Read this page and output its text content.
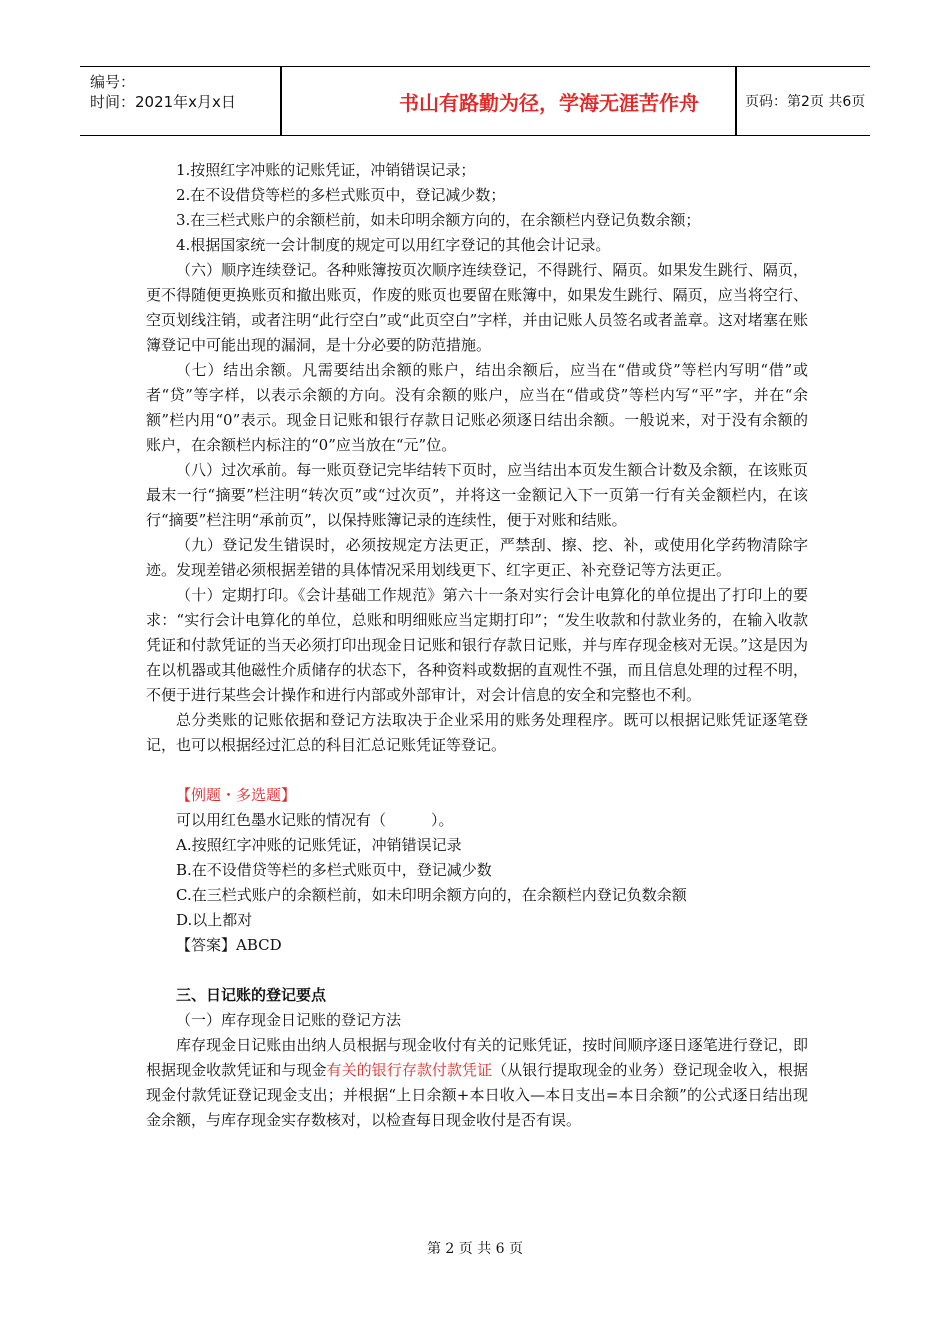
编号：
时间：2021年x月x日	书山有路勤为径，学海无涯苦作舟	页码：第2页 共6页

1.按照红字冲账的记账凭证，冲销错误记录；

2.在不设借贷等栏的多栏式账页中，登记减少数；

3.在三栏式账户的余额栏前，如未印明余额方向的，在余额栏内登记负数余额；

4.根据国家统一会计制度的规定可以用红字登记的其他会计记录。

（六）顺序连续登记。各种账簿按页次顺序连续登记，不得跳行、隔页。如果发生跳行、隔页，更不得随便更换账页和撤出账页，作废的账页也要留在账簿中，如果发生跳行、隔页，应当将空行、空页划线注销，或者注明“此行空白”或“此页空白”字样，并由记账人员签名或者盖章。这对堵塞在账簿登记中可能出现的漏洞，是十分必要的防范措施。

（七）结出余额。凡需要结出余额的账户，结出余额后，应当在“借或贷”等栏内写明“借”或者“贷”等字样，以表示余额的方向。没有余额的账户，应当在“借或贷”等栏内写“平”字，并在“余额”栏内用“0”表示。现金日记账和银行存款日记账必须逐日结出余额。一般说来，对于没有余额的账户，在余额栏内标注的“0”应当放在“元”位。

（八）过次承前。每一账页登记完毕结转下页时，应当结出本页发生额合计数及余额，在该账页最末一行“摘要”栏注明“转次页”或“过次页”，并将这一金额记入下一页第一行有关金额栏内，在该行“摘要”栏注明“承前页”，以保持账簿记录的连续性，便于对账和结账。

（九）登记发生错误时，必须按规定方法更正，严禁刮、擦、挖、补，或使用化学药物清除字迹。发现差错必须根据差错的具体情况采用划线更下、红字更正、补充登记等方法更正。

（十）定期打印。《会计基础工作规范》第六十一条对实行会计电算化的单位提出了打印上的要求：“实行会计电算化的单位，总账和明细账应当定期打印”；“发生收款和付款业务的，在输入收款凭证和付款凭证的当天必须打印出现金日记账和银行存款日记账，并与库存现金核对无误。”这是因为在以机器或其他磁性介质储存的状态下，各种资料或数据的直观性不强，而且信息处理的过程不明，不便于进行某些会计操作和进行内部或外部审计，对会计信息的安全和完整也不利。

总分类账的记账依据和登记方法取决于企业采用的账务处理程序。既可以根据记账凭证逐笔登记，也可以根据经过汇总的科目汇总记账凭证等登记。

【例题・多选题】

可以用红色墨水记账的情况有（　　　）。

A.按照红字冲账的记账凭证，冲销错误记录

B.在不设借贷等栏的多栏式账页中，登记减少数

C.在三栏式账户的余额栏前，如未印明余额方向的，在余额栏内登记负数余额

D.以上都对

【答案】ABCD

三、日记账的登记要点

（一）库存现金日记账的登记方法

库存现金日记账由出纳人员根据与现金收付有关的记账凭证，按时间顺序逐日逐笔进行登记，即根据现金收款凭证和与现金有关的银行存款付款凭证（从银行提取现金的业务）登记现金收入，根据现金付款凭证登记现金支出；并根据“上日余额+本日收入—本日支出=本日余额”的公式逐日结出现金余额，与库存现金实存数核对，以检查每日现金收付是否有误。

第 2 页 共 6 页
